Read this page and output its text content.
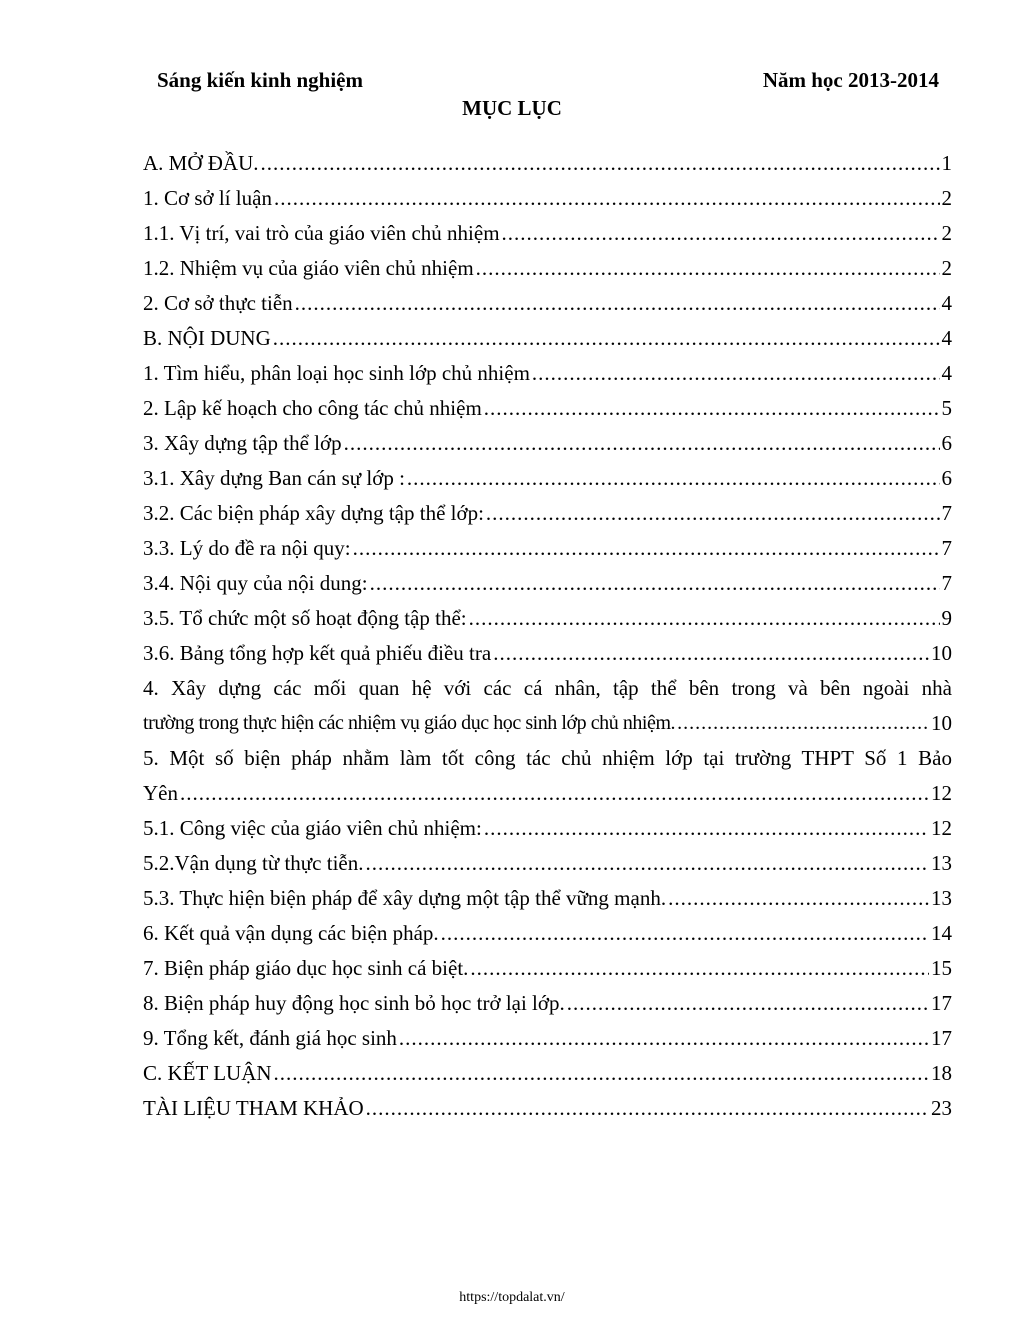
Sáng kiến kinh nghiệm	Năm học 2013-2014
MỤC LỤC
A. MỞ ĐẦU. .....	1
1. Cơ sở lí luận .....	2
1.1. Vị trí, vai trò của giáo viên chủ nhiệm .....	2
1.2. Nhiệm vụ của giáo viên chủ nhiệm .....	2
2. Cơ sở thực tiễn .....	4
B. NỘI DUNG .....	4
1. Tìm hiểu, phân loại học sinh lớp chủ nhiệm .....	4
2. Lập kế hoạch cho công tác chủ nhiệm .....	5
3. Xây dựng tập thể lớp .....	6
3.1. Xây dựng Ban cán sự lớp : .....	6
3.2. Các biện pháp xây dựng tập thể lớp: .....	7
3.3. Lý do đề ra nội quy: .....	7
3.4. Nội quy của nội dung: .....	7
3.5. Tổ chức một số hoạt động tập thể: .....	9
3.6. Bảng tổng hợp kết quả phiếu điều tra .....	10
4. Xây dựng các mối quan hệ với các cá nhân, tập thể bên trong và bên ngoài nhà
trường trong thực hiện các nhiệm vụ giáo dục học sinh lớp chủ nhiệm. .....	10
5. Một số biện pháp nhằm làm tốt công tác chủ nhiệm lớp tại trường THPT Số 1 Bảo
Yên .....	12
5.1. Công việc của giáo viên chủ nhiệm: .....	12
5.2.Vận dụng từ thực tiễn. .....	13
5.3. Thực hiện biện pháp để xây dựng một tập thể vững mạnh. .....	13
6. Kết quả vận dụng các biện pháp. .....	14
7. Biện pháp giáo dục học sinh cá biệt. .....	15
8. Biện pháp huy động học sinh bỏ học trở lại lớp. .....	17
9. Tổng kết, đánh giá học sinh .....	17
C. KẾT LUẬN .....	18
TÀI LIỆU THAM KHẢO .....	23
https://topdalat.vn/
